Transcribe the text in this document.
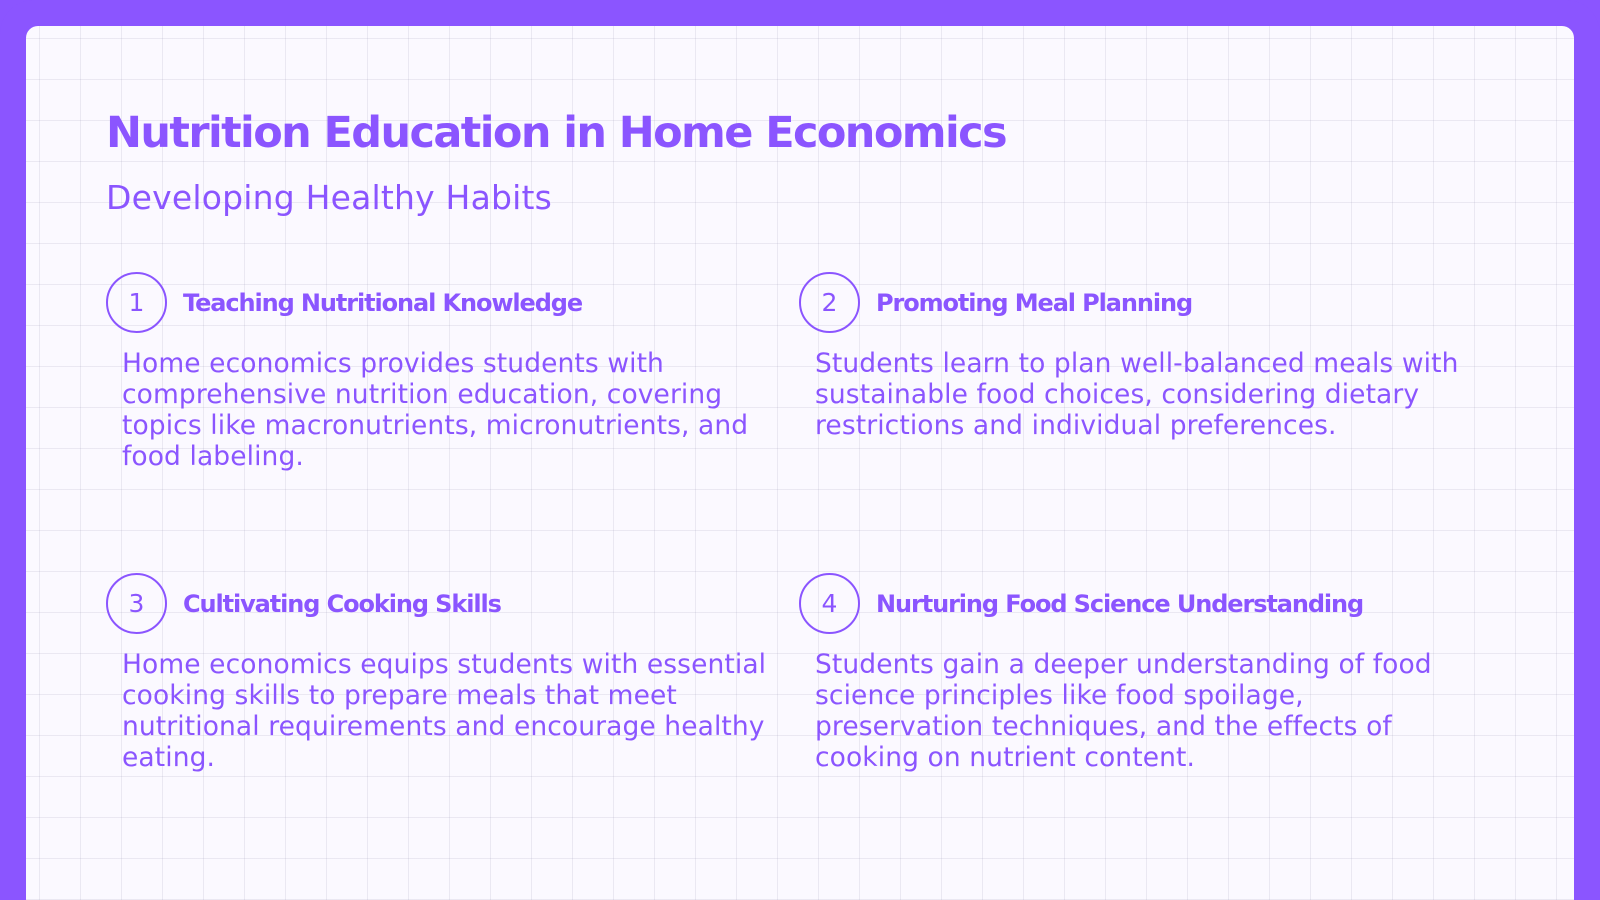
Nutrition Education in Home Economics
Developing Healthy Habits
1	Teaching Nutritional Knowledge

Home economics provides students with comprehensive nutrition education, covering topics like macronutrients, micronutrients, and food labeling.

2	Promoting Meal Planning

Students learn to plan well-balanced meals with sustainable food choices, considering dietary restrictions and individual preferences.

3	Cultivating Cooking Skills

Home economics equips students with essential cooking skills to prepare meals that meet nutritional requirements and encourage healthy eating.

4	Nurturing Food Science Understanding

Students gain a deeper understanding of food science principles like food spoilage, preservation techniques, and the effects of cooking on nutrient content.
